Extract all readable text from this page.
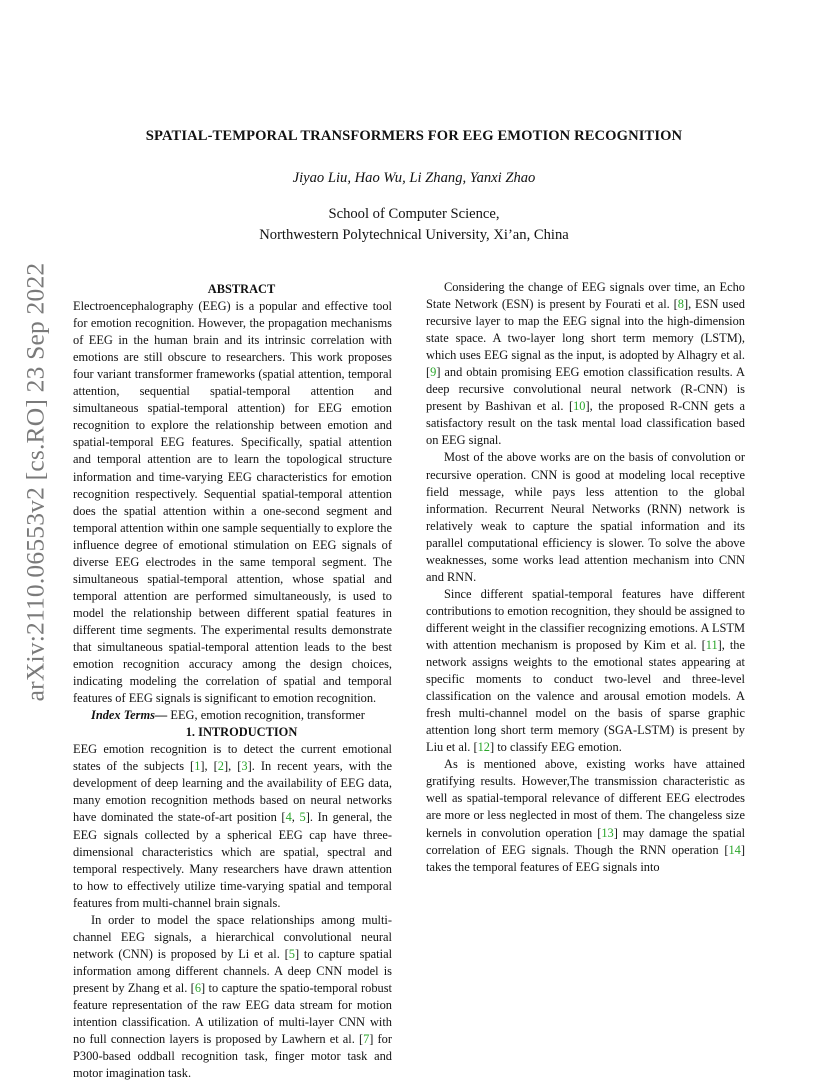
arXiv:2110.06553v2 [cs.RO] 23 Sep 2022
SPATIAL-TEMPORAL TRANSFORMERS FOR EEG EMOTION RECOGNITION
Jiyao Liu, Hao Wu, Li Zhang, Yanxi Zhao
School of Computer Science,
Northwestern Polytechnical University, Xi’an, China

ABSTRACT

Electroencephalography (EEG) is a popular and effective tool for emotion recognition. However, the propagation mechanisms of EEG in the human brain and its intrinsic correlation with emotions are still obscure to researchers. This work proposes four variant transformer frameworks (spatial attention, temporal attention, sequential spatial-temporal attention and simultaneous spatial-temporal attention) for EEG emotion recognition to explore the relationship between emotion and spatial-temporal EEG features. Specifically, spatial attention and temporal attention are to learn the topological structure information and time-varying EEG characteristics for emotion recognition respectively. Sequential spatial-temporal attention does the spatial attention within a one-second segment and temporal attention within one sample sequentially to explore the influence degree of emotional stimulation on EEG signals of diverse EEG electrodes in the same temporal segment. The simultaneous spatial-temporal attention, whose spatial and temporal attention are performed simultaneously, is used to model the relationship between different spatial features in different time segments. The experimental results demonstrate that simultaneous spatial-temporal attention leads to the best emotion recognition accuracy among the design choices, indicating modeling the correlation of spatial and temporal features of EEG signals is significant to emotion recognition.

Index Terms— EEG, emotion recognition, transformer

1. INTRODUCTION

EEG emotion recognition is to detect the current emotional states of the subjects [1], [2], [3]. In recent years, with the development of deep learning and the availability of EEG data, many emotion recognition methods based on neural networks have dominated the state-of-art position [4, 5]. In general, the EEG signals collected by a spherical EEG cap have three-dimensional characteristics which are spatial, spectral and temporal respectively. Many researchers have drawn attention to how to effectively utilize time-varying spatial and temporal features from multi-channel brain signals.

In order to model the space relationships among multi-channel EEG signals, a hierarchical convolutional neural network (CNN) is proposed by Li et al. [5] to capture spatial information among different channels. A deep CNN model is present by Zhang et al. [6] to capture the spatio-temporal robust feature representation of the raw EEG data stream for motion intention classification. A utilization of multi-layer CNN with no full connection layers is proposed by Lawhern et al. [7] for P300-based oddball recognition task, finger motor task and motor imagination task.

Considering the change of EEG signals over time, an Echo State Network (ESN) is present by Fourati et al. [8], ESN used recursive layer to map the EEG signal into the high-dimension state space. A two-layer long short term memory (LSTM), which uses EEG signal as the input, is adopted by Alhagry et al. [9] and obtain promising EEG emotion classification results. A deep recursive convolutional neural network (R-CNN) is present by Bashivan et al. [10], the proposed R-CNN gets a satisfactory result on the task mental load classification based on EEG signal.

Most of the above works are on the basis of convolution or recursive operation. CNN is good at modeling local receptive field message, while pays less attention to the global information. Recurrent Neural Networks (RNN) network is relatively weak to capture the spatial information and its parallel computational efficiency is slower. To solve the above weaknesses, some works lead attention mechanism into CNN and RNN.

Since different spatial-temporal features have different contributions to emotion recognition, they should be assigned to different weight in the classifier recognizing emotions. A LSTM with attention mechanism is proposed by Kim et al. [11], the network assigns weights to the emotional states appearing at specific moments to conduct two-level and three-level classification on the valence and arousal emotion models. A fresh multi-channel model on the basis of sparse graphic attention long short term memory (SGA-LSTM) is present by Liu et al. [12] to classify EEG emotion.

As is mentioned above, existing works have attained gratifying results. However,The transmission characteristic as well as spatial-temporal relevance of different EEG electrodes are more or less neglected in most of them. The changeless size kernels in convolution operation [13] may damage the spatial correlation of EEG signals. Though the RNN operation [14] takes the temporal features of EEG signals into
